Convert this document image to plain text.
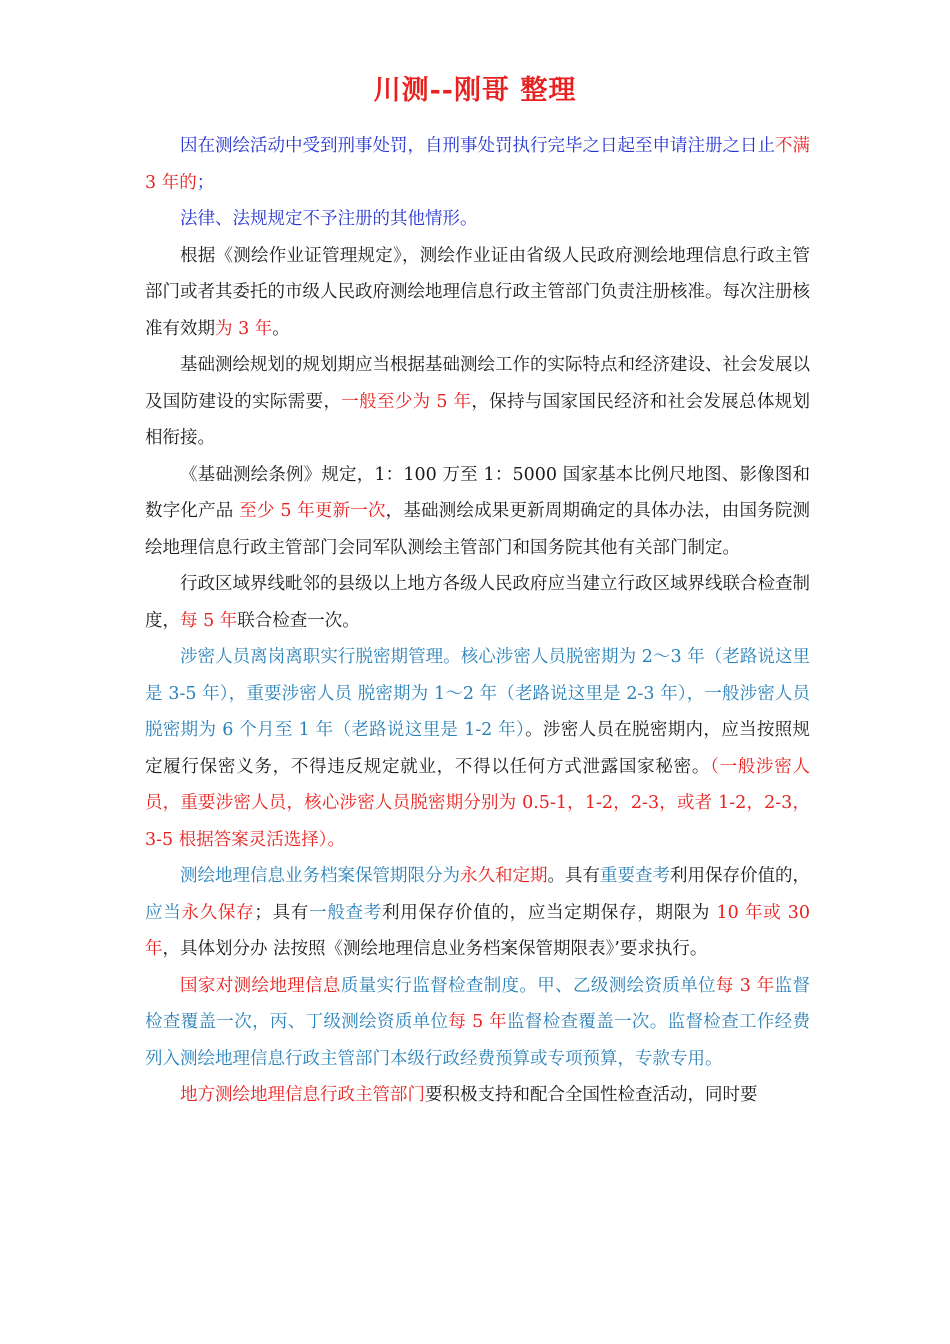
川测--刚哥 整理

因在测绘活动中受到刑事处罚，自刑事处罚执行完毕之日起至申请注册之日止不满 3 年的；

法律、法规规定不予注册的其他情形。

根据《测绘作业证管理规定》，测绘作业证由省级人民政府测绘地理信息行政主管部门或者其委托的市级人民政府测绘地理信息行政主管部门负责注册核准。每次注册核准有效期为 3 年。

基础测绘规划的规划期应当根据基础测绘工作的实际特点和经济建设、社会发展以及国防建设的实际需要，一般至少为 5 年，保持与国家国民经济和社会发展总体规划相衔接。

《基础测绘条例》规定，1：100 万至 1：5000 国家基本比例尺地图、影像图和数字化产品 至少 5 年更新一次，基础测绘成果更新周期确定的具体办法，由国务院测绘地理信息行政主管部门会同军队测绘主管部门和国务院其他有关部门制定。

行政区域界线毗邻的县级以上地方各级人民政府应当建立行政区域界线联合检查制度，每 5 年联合检查一次。

涉密人员离岗离职实行脱密期管理。核心涉密人员脱密期为 2～3 年（老路说这里是 3-5 年），重要涉密人员 脱密期为 1～2 年（老路说这里是 2-3 年），一般涉密人员脱密期为 6 个月至 1 年（老路说这里是 1-2 年）。涉密人员在脱密期内，应当按照规定履行保密义务，不得违反规定就业，不得以任何方式泄露国家秘密。（一般涉密人员，重要涉密人员，核心涉密人员脱密期分别为 0.5-1，1-2，2-3，或者 1-2，2-3，3-5 根据答案灵活选择）。

测绘地理信息业务档案保管期限分为永久和定期。具有重要查考利用保存价值的，应当永久保存；具有一般查考利用保存价值的，应当定期保存，期限为 10 年或 30 年，具体划分办 法按照《测绘地理信息业务档案保管期限表》’要求执行。

国家对测绘地理信息质量实行监督检查制度。甲、乙级测绘资质单位每 3 年监督检查覆盖一次，丙、丁级测绘资质单位每 5 年监督检查覆盖一次。监督检查工作经费列入测绘地理信息行政主管部门本级行政经费预算或专项预算，专款专用。

地方测绘地理信息行政主管部门要积极支持和配合全国性检查活动，同时要
